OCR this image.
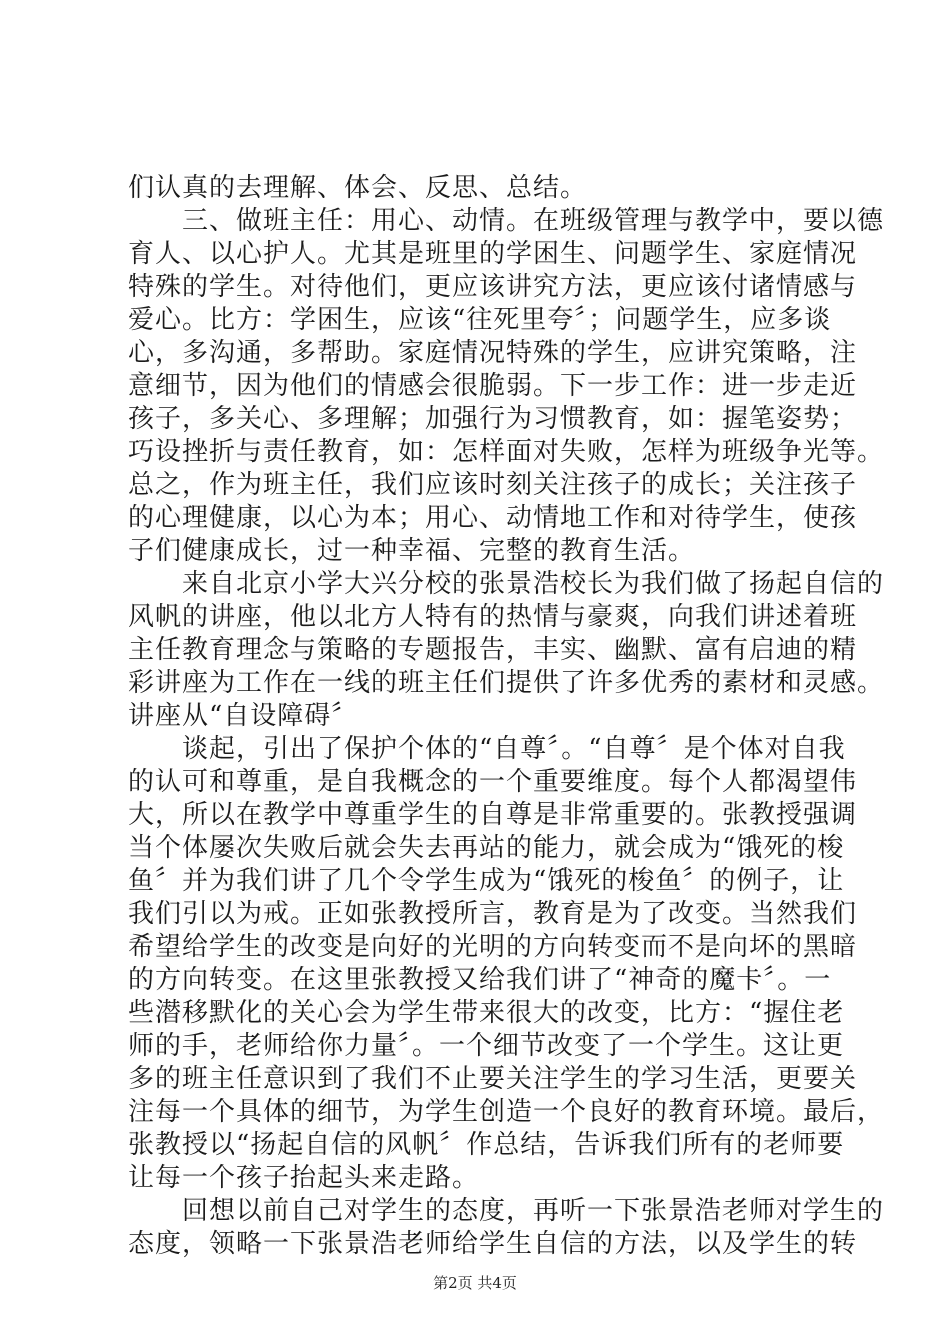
们认真的去理解、体会、反思、总结。
　　三、做班主任：用心、动情。在班级管理与教学中，要以德
育人、以心护人。尤其是班里的学困生、问题学生、家庭情况
特殊的学生。对待他们，更应该讲究方法，更应该付诸情感与
爱心。比方：学困生，应该“往死里夸〞；问题学生，应多谈
心，多沟通，多帮助。家庭情况特殊的学生，应讲究策略，注
意细节，因为他们的情感会很脆弱。下一步工作：进一步走近
孩子，多关心、多理解；加强行为习惯教育，如：握笔姿势；
巧设挫折与责任教育，如：怎样面对失败，怎样为班级争光等。
总之，作为班主任，我们应该时刻关注孩子的成长；关注孩子
的心理健康，以心为本；用心、动情地工作和对待学生，使孩
子们健康成长，过一种幸福、完整的教育生活。
　　来自北京小学大兴分校的张景浩校长为我们做了扬起自信的
风帆的讲座，他以北方人特有的热情与豪爽，向我们讲述着班
主任教育理念与策略的专题报告，丰实、幽默、富有启迪的精
彩讲座为工作在一线的班主任们提供了许多优秀的素材和灵感。
讲座从“自设障碍〞
　　谈起，引出了保护个体的“自尊〞。“自尊〞是个体对自我
的认可和尊重，是自我概念的一个重要维度。每个人都渴望伟
大，所以在教学中尊重学生的自尊是非常重要的。张教授强调
当个体屡次失败后就会失去再站的能力，就会成为“饿死的梭
鱼〞并为我们讲了几个令学生成为“饿死的梭鱼〞的例子，让
我们引以为戒。正如张教授所言，教育是为了改变。当然我们
希望给学生的改变是向好的光明的方向转变而不是向坏的黑暗
的方向转变。在这里张教授又给我们讲了“神奇的魔卡〞。一
些潜移默化的关心会为学生带来很大的改变，比方：“握住老
师的手，老师给你力量〞。一个细节改变了一个学生。这让更
多的班主任意识到了我们不止要关注学生的学习生活，更要关
注每一个具体的细节，为学生创造一个良好的教育环境。最后，
张教授以“扬起自信的风帆〞作总结，告诉我们所有的老师要
让每一个孩子抬起头来走路。
　　回想以前自己对学生的态度，再听一下张景浩老师对学生的
态度，领略一下张景浩老师给学生自信的方法，以及学生的转
第2页 共4页
